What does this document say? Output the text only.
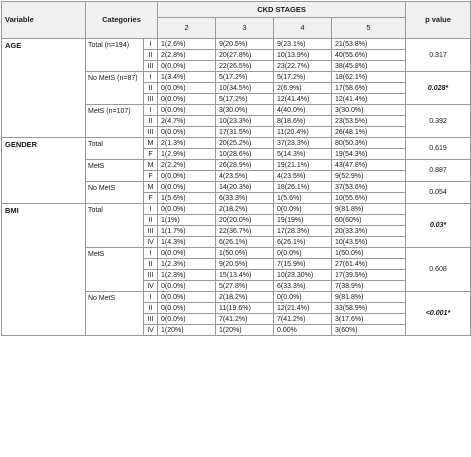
Variable	Categories		CKD STAGES				p value
			2	3	4	5	
AGE	Total (n=194)	I	1(2.6%)	9(20.5%)	9(23.1%)	21(53.8%)	0.317
		II	2(2.8%)	20(27.8%)	10(13.9%)	40(55.6%)	
		III	0(0.0%)	22(26.5%)	23(22.7%)	38(45.8%)	
	No MetS (n=87)	I	1(3.4%)	5(17.2%)	5(17.2%)	18(62.1%)	0.028*
		II	0(0.0%)	10(34.5%)	2(6.9%)	17(58.6%)	
		III	0(0.0%)	5(17.2%)	12(41.4%)	12(41.4%)	
	MetS (n=107)	I	0(0.0%)	3(30.0%)	4(40.0%)	3(30.0%)	0.392
		II	2(4.7%)	10(23.3%)	8(18.6%)	23(53.5%)	
		III	0(0.0%)	17(31.5%)	11(20.4%)	26(48.1%)	
GENDER	Total	M	2(1.3%)	20(25.2%)	37(23.3%)	80(50.3%)	0.619
		F	1(2.9%)	10(28.6%)	5(14.3%)	19(54.3%)	
	MetS	M	2(2.2%)	26(28.9%)	19(21.1%)	43(47.8%)	0.887
		F	0(0.0%)	4(23.5%)	4(23.5%)	9(52.9%)	
	No MetS	M	0(0.0%)	14(20.3%)	18(26.1%)	37(53.6%)	0.054
		F	1(5.6%)	6(33.3%)	1(5.6%)	10(55.6%)	
BMI	Total	I	0(0.0%)	2(18.2%)	0(0.0%)	9(81.8%)	0.03*
		II	1(1%)	20(20.0%)	19(19%)	60(60%)	
		III	1(1.7%)	22(36.7%)	17(28.3%)	20(33.3%)	
		IV	1(4.3%)	6(26.1%)	6(26.1%)	10(43.5%)	
	MetS	I	0(0.0%)	1(50.0%)	0(0.0%)	1(50.0%)	0.608
		II	1(2.3%)	9(20.5%)	7(15.9%)	27(61.4%)	
		III	1(2.3%)	15(13.4%)	10(23.30%)	17(39.5%)	
		IV	0(0.0%)	5(27.8%)	6(33.3%)	7(38.9%)	
	No MetS	I	0(0.0%)	2(18.2%)	0(0.0%)	9(81.8%)	<0.001*
		II	0(0.0%)	11(19.6%)	12(21.4%)	33(58.9%)	
		III	0(0.0%)	7(41.2%)	7(41.2%)	3(17.6%)	
		IV	1(20%)	1(20%)	0.00%	3(60%)	
